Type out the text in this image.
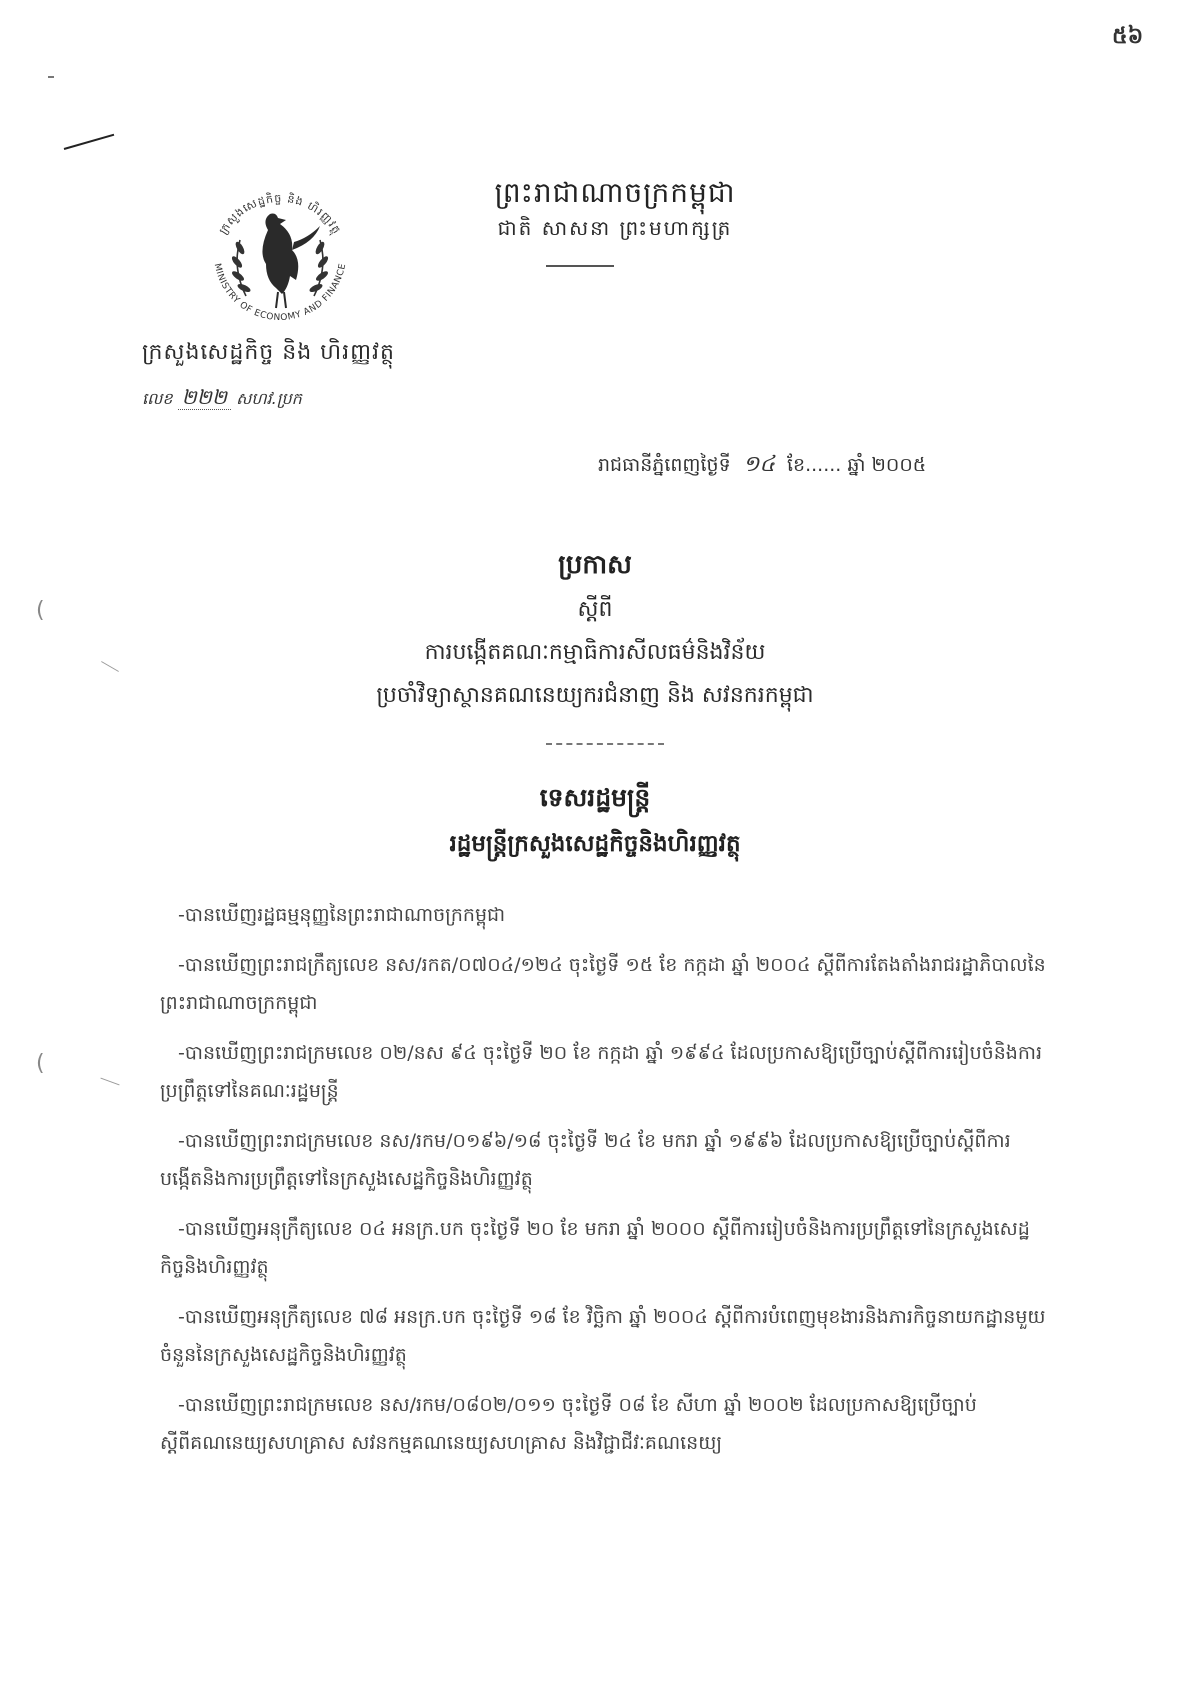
៥៦
(
(
ក្រសួងសេដ្ឋកិច្ច និង ហិរញ្ញវត្ថុ
MINISTRY OF ECONOMY AND FINANCE
ព្រះរាជាណាចក្រកម្ពុជា
ជាតិ សាសនា ព្រះមហាក្សត្រ
ក្រសួងសេដ្ឋកិច្ច និង ហិរញ្ញវត្ថុ
លេខ ២២២ សហវ.ប្រក
រាជធានីភ្នំពេញថ្ងៃទី ១៤ ខែ...... ឆ្នាំ ២០០៥
ប្រកាស
ស្តីពី
ការបង្កើតគណៈកម្មាធិការសីលធម៌និងវិន័យ
ប្រចាំវិទ្យាស្ថានគណនេយ្យករជំនាញ និង សវនករកម្ពុជា
ទេសរដ្ឋមន្ត្រី
រដ្ឋមន្ត្រីក្រសួងសេដ្ឋកិច្ចនិងហិរញ្ញវត្ថុ
-បានឃើញរដ្ឋធម្មនុញ្ញនៃព្រះរាជាណាចក្រកម្ពុជា
-បានឃើញព្រះរាជក្រឹត្យលេខ នស/រកត/០៧០៤/១២៤ ចុះថ្ងៃទី ១៥ ខែ កក្កដា ឆ្នាំ ២០០៤ ស្តីពីការតែងតាំងរាជរដ្ឋាភិបាលនៃព្រះរាជាណាចក្រកម្ពុជា
-បានឃើញព្រះរាជក្រមលេខ ០២/នស ៩៤ ចុះថ្ងៃទី ២០ ខែ កក្កដា ឆ្នាំ ១៩៩៤ ដែលប្រកាសឱ្យប្រើច្បាប់ស្តីពីការរៀបចំនិងការប្រព្រឹត្តទៅនៃគណៈរដ្ឋមន្ត្រី
-បានឃើញព្រះរាជក្រមលេខ នស/រកម/០១៩៦/១៨ ចុះថ្ងៃទី ២៤ ខែ មករា ឆ្នាំ ១៩៩៦ ដែលប្រកាសឱ្យប្រើច្បាប់ស្តីពីការបង្កើតនិងការប្រព្រឹត្តទៅនៃក្រសួងសេដ្ឋកិច្ចនិងហិរញ្ញវត្ថុ
-បានឃើញអនុក្រឹត្យលេខ ០៤ អនក្រ.បក ចុះថ្ងៃទី ២០ ខែ មករា ឆ្នាំ ២០០០ ស្តីពីការរៀបចំនិងការប្រព្រឹត្តទៅនៃក្រសួងសេដ្ឋកិច្ចនិងហិរញ្ញវត្ថុ
-បានឃើញអនុក្រឹត្យលេខ ៧៨ អនក្រ.បក ចុះថ្ងៃទី ១៨ ខែ វិច្ឆិកា ឆ្នាំ ២០០៤ ស្តីពីការបំពេញមុខងារនិងភារកិច្ចនាយកដ្ឋានមួយចំនួននៃក្រសួងសេដ្ឋកិច្ចនិងហិរញ្ញវត្ថុ
-បានឃើញព្រះរាជក្រមលេខ នស/រកម/០៨០២/០១១ ចុះថ្ងៃទី ០៨ ខែ សីហា ឆ្នាំ ២០០២ ដែលប្រកាសឱ្យប្រើច្បាប់ស្តីពីគណនេយ្យសហគ្រាស សវនកម្មគណនេយ្យសហគ្រាស និងវិជ្ជាជីវៈគណនេយ្យ
